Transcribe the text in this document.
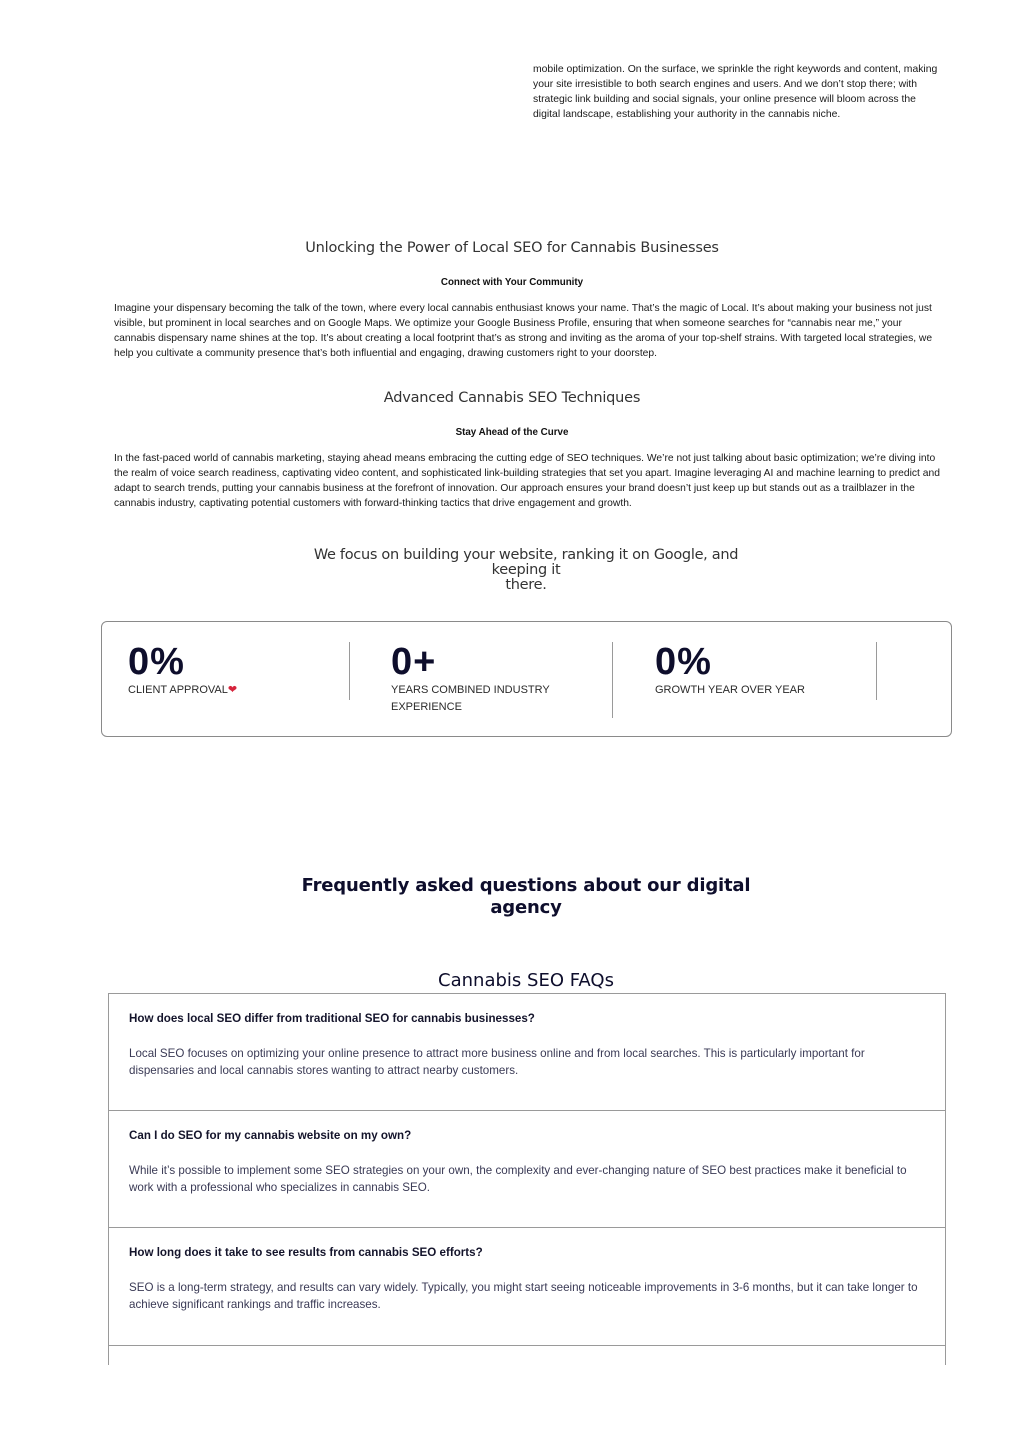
mobile optimization. On the surface, we sprinkle the right keywords and content, making your site irresistible to both search engines and users. And we don’t stop there; with strategic link building and social signals, your online presence will bloom across the digital landscape, establishing your authority in the cannabis niche.
Unlocking the Power of Local SEO for Cannabis Businesses
Connect with Your Community
Imagine your dispensary becoming the talk of the town, where every local cannabis enthusiast knows your name. That’s the magic of Local. It’s about making your business not just visible, but prominent in local searches and on Google Maps. We optimize your Google Business Profile, ensuring that when someone searches for “cannabis near me,” your cannabis dispensary name shines at the top. It’s about creating a local footprint that’s as strong and inviting as the aroma of your top-shelf strains. With targeted local strategies, we help you cultivate a community presence that’s both influential and engaging, drawing customers right to your doorstep.
Advanced Cannabis SEO Techniques
Stay Ahead of the Curve
In the fast-paced world of cannabis marketing, staying ahead means embracing the cutting edge of SEO techniques. We’re not just talking about basic optimization; we’re diving into the realm of voice search readiness, captivating video content, and sophisticated link-building strategies that set you apart. Imagine leveraging AI and machine learning to predict and adapt to search trends, putting your cannabis business at the forefront of innovation. Our approach ensures your brand doesn’t just keep up but stands out as a trailblazer in the cannabis industry, captivating potential customers with forward-thinking tactics that drive engagement and growth.
We focus on building your website, ranking it on Google, and keeping it
there.
0%
CLIENT APPROVAL❤
0+
YEARS COMBINED INDUSTRY
EXPERIENCE
0%
GROWTH YEAR OVER YEAR
Frequently asked questions about our digital
agency
Cannabis SEO FAQs
How does local SEO differ from traditional SEO for cannabis businesses?
Local SEO focuses on optimizing your online presence to attract more business online and from local searches. This is particularly important for dispensaries and local cannabis stores wanting to attract nearby customers.
Can I do SEO for my cannabis website on my own?
While it’s possible to implement some SEO strategies on your own, the complexity and ever-changing nature of SEO best practices make it beneficial to work with a professional who specializes in cannabis SEO.
How long does it take to see results from cannabis SEO efforts?
SEO is a long-term strategy, and results can vary widely. Typically, you might start seeing noticeable improvements in 3-6 months, but it can take longer to achieve significant rankings and traffic increases.
